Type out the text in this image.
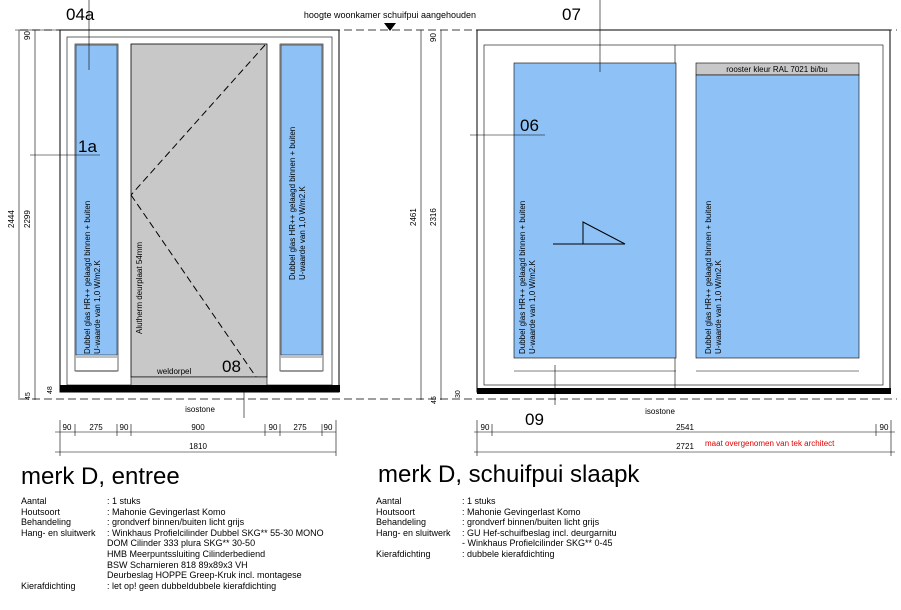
hoogte woonkamer schuifpui aangehouden
Dubbel glas HR++ gelaagd binnen + buiten U-waarde van 1,0 W/m2.K	Alutherm deurplaat 54mm
weldorpel
Dubbel glas HR++ gelaagd binnen + buiten U-waarde van 1,0 W/m2.K
isostone
04a
1a
08
2444 2299
90
48
45
90 275 90	900	90 275 90
1810
Dubbel glas HR++ gelaagd binnen + buiten U-waarde van 1,0 W/m2.K
rooster kleur RAL 7021 bi/bu
Dubbel glas HR++ gelaagd binnen + buiten U-waarde van 1,0 W/m2.K
isostone
07
06
09
2461 2316
90
30
45
90	2541	90
2721 maat overgenomen van tek architect
merk D, entree	merk D, schuifpui slaapk
Aantal	: 1 stuks
Houtsoort	: Mahonie Gevingerlast Komo
Behandeling	: grondverf binnen/buiten licht grijs
Hang- en sluitwerk	: Winkhaus Profielcilinder Dubbel SKG** 55-30 MONO
DOM Cilinder 333 plura SKG** 30-50
HMB Meerpuntssluiting Cilinderbediend
BSW Scharnieren 818 89x89x3 VH
Deurbeslag HOPPE Greep-Kruk incl. montagese
Kierafdichting	: let op! geen dubbeldubbele kierafdichting
Aantal	: 1 stuks
Houtsoort	: Mahonie Gevingerlast Komo
Behandeling	: grondverf binnen/buiten licht grijs
Hang- en sluitwerk	: GU Hef-schuifbeslag incl. deurgarnitu
- Winkhaus Profielcilinder SKG** 0-45
Kierafdichting	: dubbele kierafdichting
